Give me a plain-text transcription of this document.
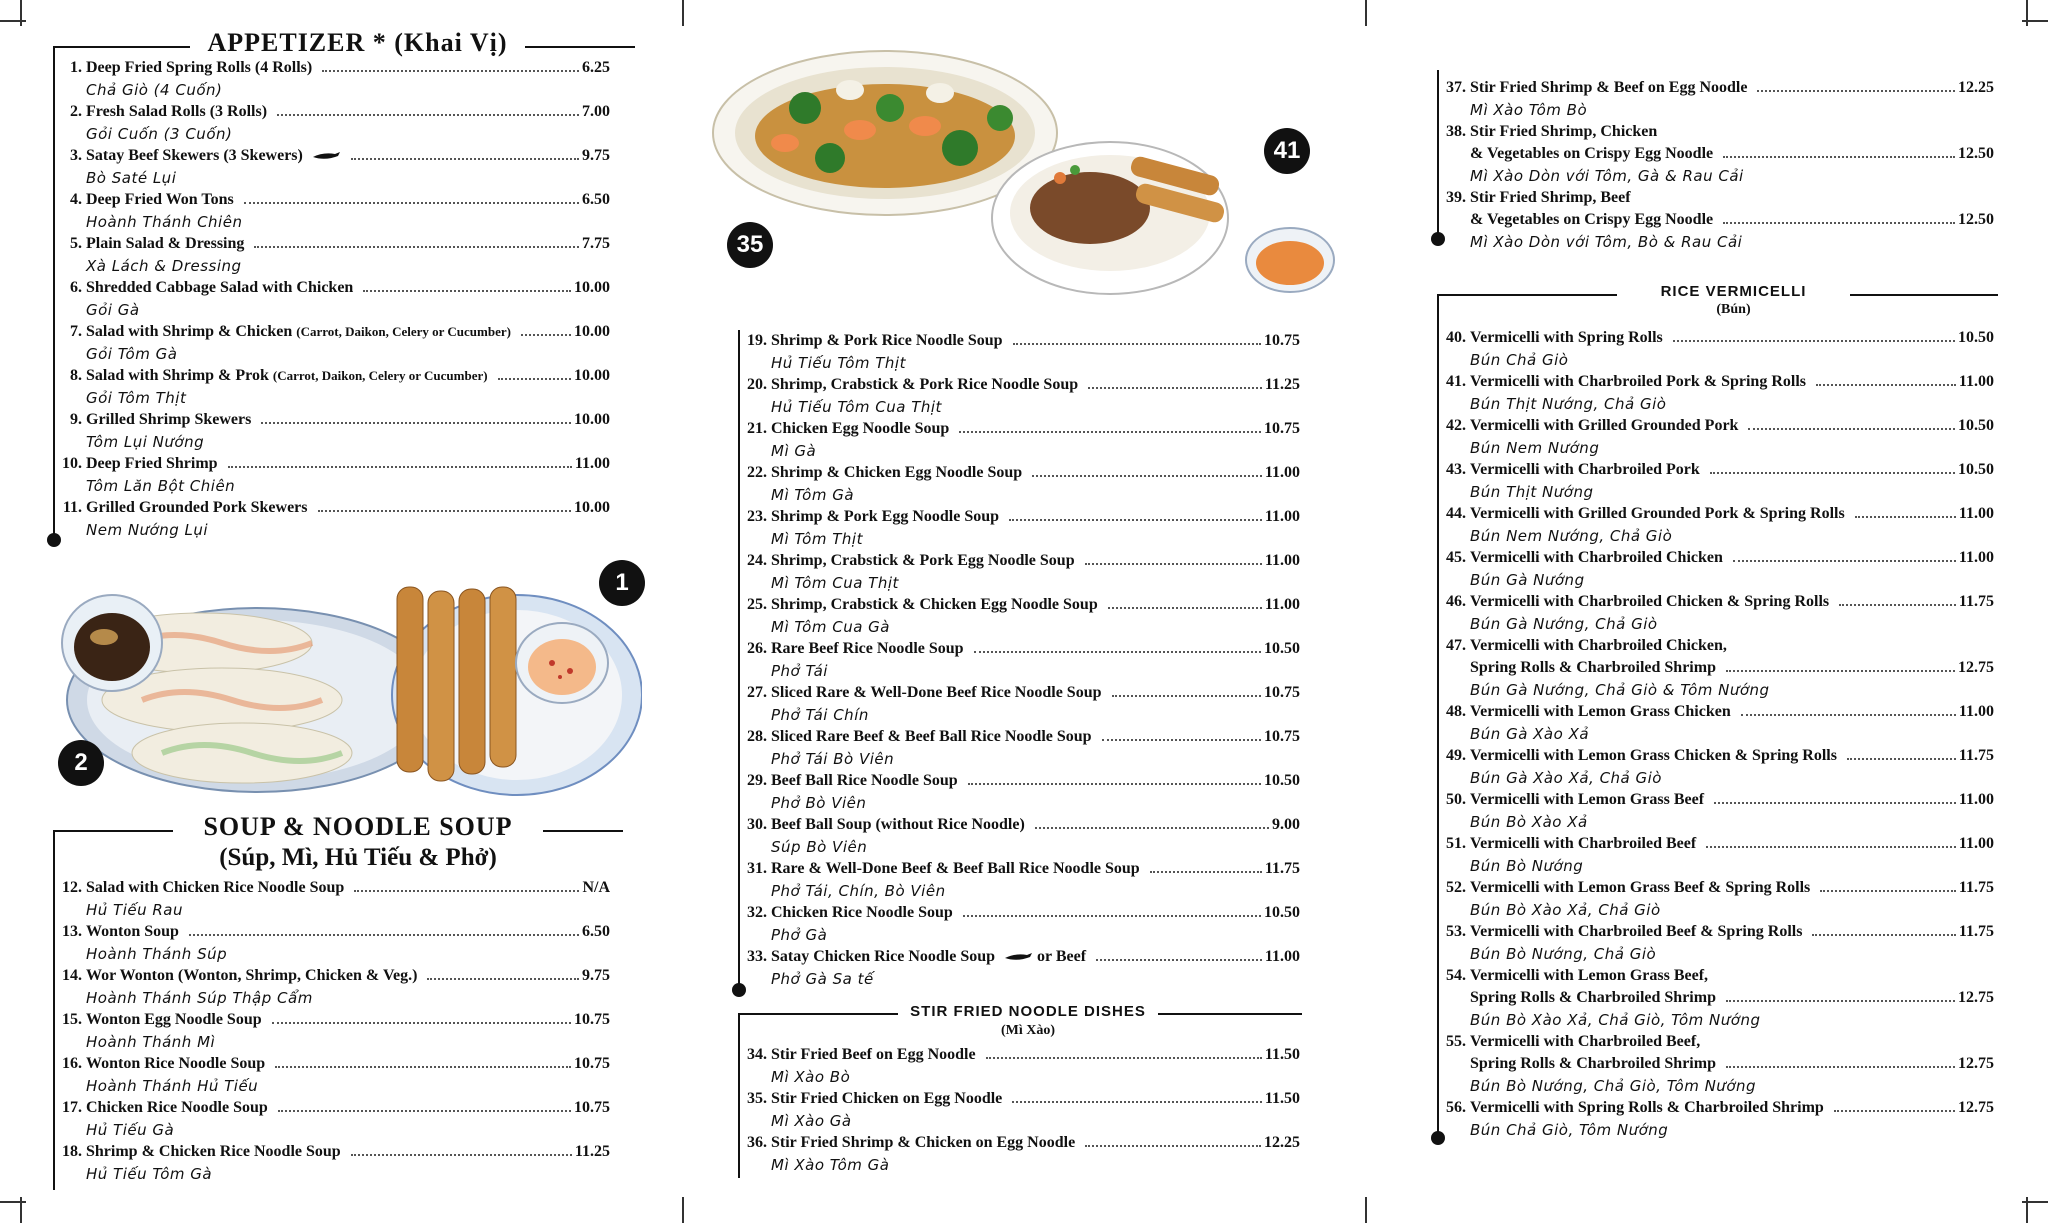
APPETIZER * (Khai Vị)
1. Deep Fried Spring Rolls (4 Rolls)	6.25
Chả Giò (4 Cuốn)
2. Fresh Salad Rolls (3 Rolls)	7.00
Gỏi Cuốn (3 Cuốn)
3. Satay Beef Skewers (3 Skewers)	9.75
Bò Saté Lụi
4. Deep Fried Won Tons	6.50
Hoành Thánh Chiên
5. Plain Salad & Dressing	7.75
Xà Lách & Dressing
6. Shredded Cabbage Salad with Chicken	10.00
Gỏi Gà
7. Salad with Shrimp & Chicken (Carrot, Daikon, Celery or Cucumber)	10.00
Gỏi Tôm Gà
8. Salad with Shrimp & Prok (Carrot, Daikon, Celery or Cucumber)	10.00
Gỏi Tôm Thịt
9. Grilled Shrimp Skewers	10.00
Tôm Lụi Nướng
10. Deep Fried Shrimp	11.00
Tôm Lăn Bột Chiên
11. Grilled Grounded Pork Skewers	10.00
Nem Nướng Lụi
1
2
SOUP & NOODLE SOUP
(Súp, Mì, Hủ Tiếu & Phở)
12. Salad with Chicken Rice Noodle Soup	N/A
Hủ Tiếu Rau
13. Wonton Soup	6.50
Hoành Thánh Súp
14. Wor Wonton (Wonton, Shrimp, Chicken & Veg.)	9.75
Hoành Thánh Súp Thập Cẩm
15. Wonton Egg Noodle Soup	10.75
Hoành Thánh Mì
16. Wonton Rice Noodle Soup	10.75
Hoành Thánh Hủ Tiếu
17. Chicken Rice Noodle Soup	10.75
Hủ Tiếu Gà
18. Shrimp & Chicken Rice Noodle Soup	11.25
Hủ Tiếu Tôm Gà
35
41
19. Shrimp & Pork Rice Noodle Soup	10.75
Hủ Tiếu Tôm Thịt
20. Shrimp, Crabstick & Pork Rice Noodle Soup	11.25
Hủ Tiếu Tôm Cua Thịt
21. Chicken Egg Noodle Soup	10.75
Mì Gà
22. Shrimp & Chicken Egg Noodle Soup	11.00
Mì Tôm Gà
23. Shrimp & Pork Egg Noodle Soup	11.00
Mì Tôm Thịt
24. Shrimp, Crabstick & Pork Egg Noodle Soup	11.00
Mì Tôm Cua Thịt
25. Shrimp, Crabstick & Chicken Egg Noodle Soup	11.00
Mì Tôm Cua Gà
26. Rare Beef Rice Noodle Soup	10.50
Phở Tái
27. Sliced Rare & Well-Done Beef Rice Noodle Soup	10.75
Phở Tái Chín
28. Sliced Rare Beef & Beef Ball Rice Noodle Soup	10.75
Phở Tái Bò Viên
29. Beef Ball Rice Noodle Soup	10.50
Phở Bò Viên
30. Beef Ball Soup (without Rice Noodle)	9.00
Súp Bò Viên
31. Rare & Well-Done Beef & Beef Ball Rice Noodle Soup	11.75
Phở Tái, Chín, Bò Viên
32. Chicken Rice Noodle Soup	10.50
Phở Gà
33. Satay Chicken Rice Noodle Soup	or Beef	11.00
Phở Gà Sa tế
STIR FRIED NOODLE DISHES
(Mì Xào)
34. Stir Fried Beef on Egg Noodle	11.50
Mì Xào Bò
35. Stir Fried Chicken on Egg Noodle	11.50
Mì Xào Gà
36. Stir Fried Shrimp & Chicken on Egg Noodle	12.25
Mì Xào Tôm Gà
37. Stir Fried Shrimp & Beef on Egg Noodle	12.25
Mì Xào Tôm Bò
38. Stir Fried Shrimp, Chicken
& Vegetables on Crispy Egg Noodle	12.50
Mì Xào Dòn với Tôm, Gà & Rau Cải
39. Stir Fried Shrimp, Beef
& Vegetables on Crispy Egg Noodle	12.50
Mì Xào Dòn với Tôm, Bò & Rau Cải
RICE VERMICELLI
(Bún)
40. Vermicelli with Spring Rolls	10.50
Bún Chả Giò
41. Vermicelli with Charbroiled Pork & Spring Rolls	11.00
Bún Thịt Nướng, Chả Giò
42. Vermicelli with Grilled Grounded Pork	10.50
Bún Nem Nướng
43. Vermicelli with Charbroiled Pork	10.50
Bún Thịt Nướng
44. Vermicelli with Grilled Grounded Pork & Spring Rolls	11.00
Bún Nem Nướng, Chả Giò
45. Vermicelli with Charbroiled Chicken	11.00
Bún Gà Nướng
46. Vermicelli with Charbroiled Chicken & Spring Rolls	11.75
Bún Gà Nướng, Chả Giò
47. Vermicelli with Charbroiled Chicken,
Spring Rolls & Charbroiled Shrimp	12.75
Bún Gà Nướng, Chả Giò & Tôm Nướng
48. Vermicelli with Lemon Grass Chicken	11.00
Bún Gà Xào Xả
49. Vermicelli with Lemon Grass Chicken & Spring Rolls	11.75
Bún Gà Xào Xả, Chả Giò
50. Vermicelli with Lemon Grass Beef	11.00
Bún Bò Xào Xả
51. Vermicelli with Charbroiled Beef	11.00
Bún Bò Nướng
52. Vermicelli with Lemon Grass Beef & Spring Rolls	11.75
Bún Bò Xào Xả, Chả Giò
53. Vermicelli with Charbroiled Beef & Spring Rolls	11.75
Bún Bò Nướng, Chả Giò
54. Vermicelli with Lemon Grass Beef,
Spring Rolls & Charbroiled Shrimp	12.75
Bún Bò Xào Xả, Chả Giò, Tôm Nướng
55. Vermicelli with Charbroiled Beef,
Spring Rolls & Charbroiled Shrimp	12.75
Bún Bò Nướng, Chả Giò, Tôm Nướng
56. Vermicelli with Spring Rolls & Charbroiled Shrimp	12.75
Bún Chả Giò, Tôm Nướng
